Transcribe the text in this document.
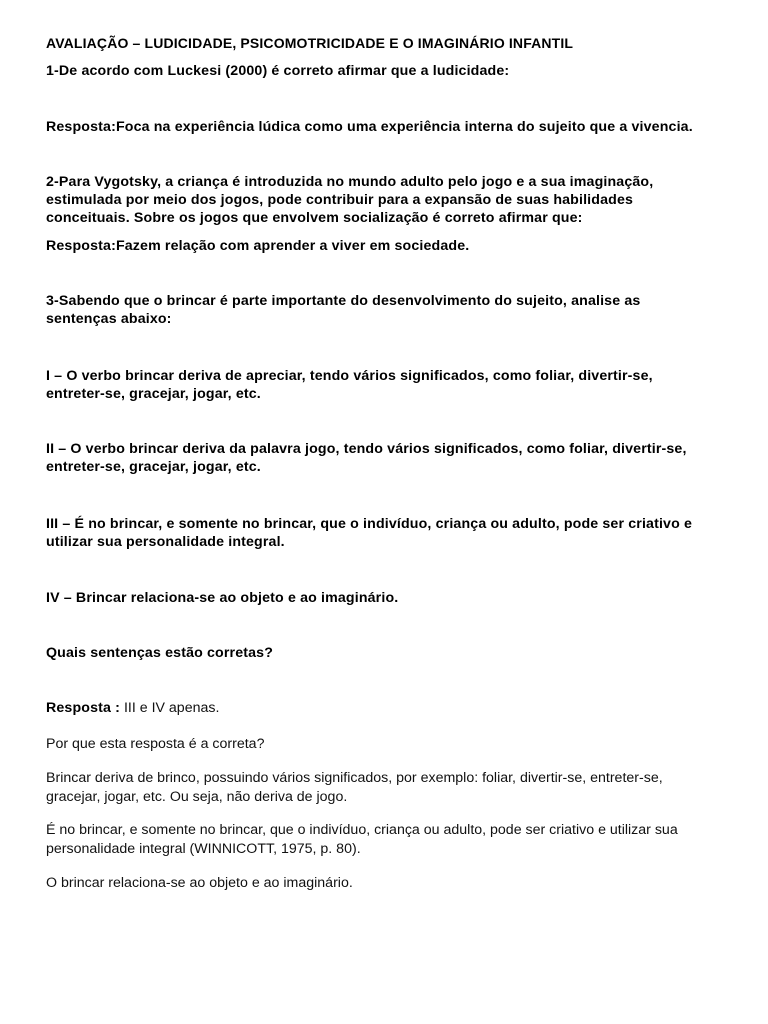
AVALIAÇÃO – LUDICIDADE, PSICOMOTRICIDADE E O IMAGINÁRIO INFANTIL
1-De acordo com Luckesi (2000) é correto afirmar que a ludicidade:
Resposta:Foca na experiência lúdica como uma experiência interna do sujeito que a vivencia.
2-Para Vygotsky, a criança é introduzida no mundo adulto pelo jogo e a sua imaginação,
estimulada por meio dos jogos, pode contribuir para a expansão de suas habilidades
conceituais. Sobre os jogos que envolvem socialização é correto afirmar que:
Resposta:Fazem relação com aprender a viver em sociedade.
3-Sabendo que o brincar é parte importante do desenvolvimento do sujeito, analise as
sentenças abaixo:
I – O verbo brincar deriva de apreciar, tendo vários significados, como foliar, divertir-se,
entreter-se, gracejar, jogar, etc.
II – O verbo brincar deriva da palavra jogo, tendo vários significados, como foliar, divertir-se,
entreter-se, gracejar, jogar, etc.
III – É no brincar, e somente no brincar, que o indivíduo, criança ou adulto, pode ser criativo e
utilizar sua personalidade integral.
IV – Brincar relaciona-se ao objeto e ao imaginário.
Quais sentenças estão corretas?
Resposta : III e IV apenas.
Por que esta resposta é a correta?
Brincar deriva de brinco, possuindo vários significados, por exemplo: foliar, divertir-se, entreter-se,
gracejar, jogar, etc. Ou seja, não deriva de jogo.
É no brincar, e somente no brincar, que o indivíduo, criança ou adulto, pode ser criativo e utilizar sua
personalidade integral (WINNICOTT, 1975, p. 80).
O brincar relaciona-se ao objeto e ao imaginário.
